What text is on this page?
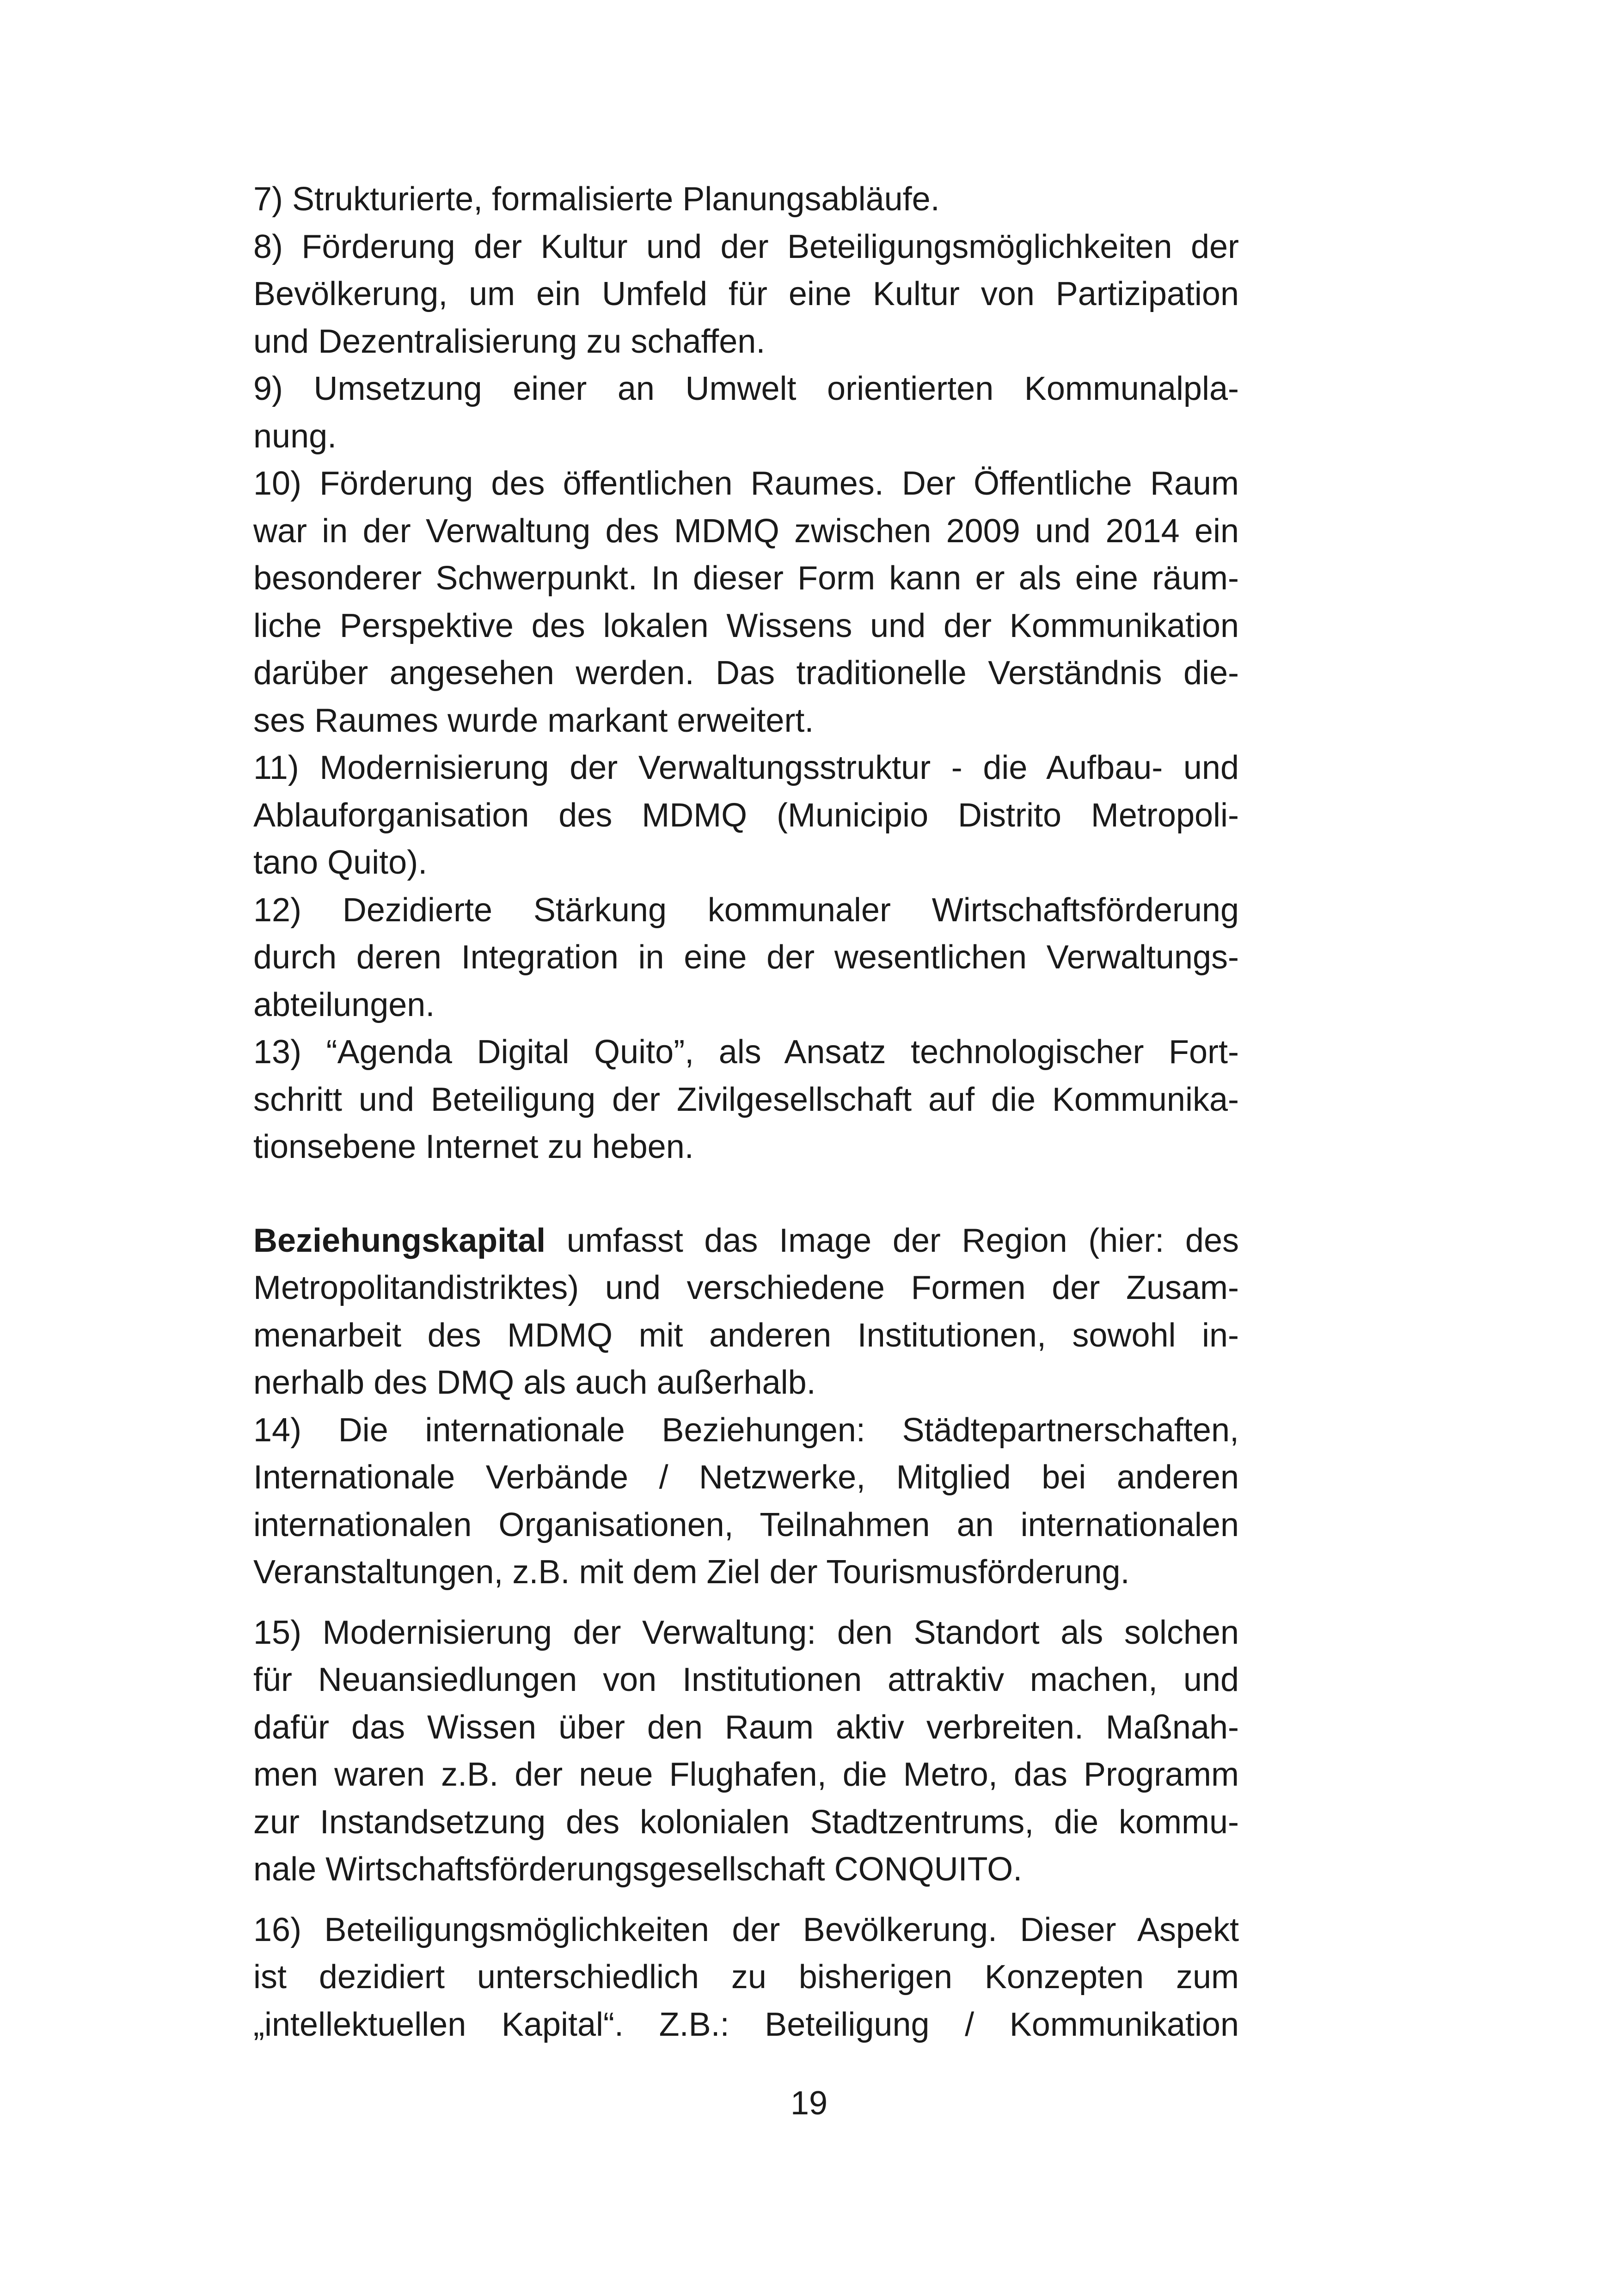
7) Strukturierte, formalisierte Planungsabläufe.
8) Förderung der Kultur und der Beteiligungsmöglichkeiten der
Bevölkerung, um ein Umfeld für eine Kultur von Partizipation
und Dezentralisierung zu schaffen.
9) Umsetzung einer an Umwelt orientierten Kommunalpla-
nung.
10) Förderung des öffentlichen Raumes. Der Öffentliche Raum
war in der Verwaltung des MDMQ zwischen 2009 und 2014 ein
besonderer Schwerpunkt. In dieser Form kann er als eine räum-
liche Perspektive des lokalen Wissens und der Kommunikation
darüber angesehen werden. Das traditionelle Verständnis die-
ses Raumes wurde markant erweitert.
11) Modernisierung der Verwaltungsstruktur - die Aufbau- und
Ablauforganisation des MDMQ (Municipio Distrito Metropoli-
tano Quito).
12) Dezidierte Stärkung kommunaler Wirtschaftsförderung
durch deren Integration in eine der wesentlichen Verwaltungs-
abteilungen.
13) “Agenda Digital Quito”, als Ansatz technologischer Fort-
schritt und Beteiligung der Zivilgesellschaft auf die Kommunika-
tionsebene Internet zu heben.
Beziehungskapital umfasst das Image der Region (hier: des
Metropolitandistriktes) und verschiedene Formen der Zusam-
menarbeit des MDMQ mit anderen Institutionen, sowohl in-
nerhalb des DMQ als auch außerhalb.
14) Die internationale Beziehungen: Städtepartnerschaften,
Internationale Verbände / Netzwerke, Mitglied bei anderen
internationalen Organisationen, Teilnahmen an internationalen
Veranstaltungen, z.B. mit dem Ziel der Tourismusförderung.
15) Modernisierung der Verwaltung: den Standort als solchen
für Neuansiedlungen von Institutionen attraktiv machen, und
dafür das Wissen über den Raum aktiv verbreiten. Maßnah-
men waren z.B. der neue Flughafen, die Metro, das Programm
zur Instandsetzung des kolonialen Stadtzentrums, die kommu-
nale Wirtschaftsförderungsgesellschaft CONQUITO.
16) Beteiligungsmöglichkeiten der Bevölkerung. Dieser Aspekt
ist dezidiert unterschiedlich zu bisherigen Konzepten zum
„intellektuellen Kapital“. Z.B.: Beteiligung / Kommunikation
19
